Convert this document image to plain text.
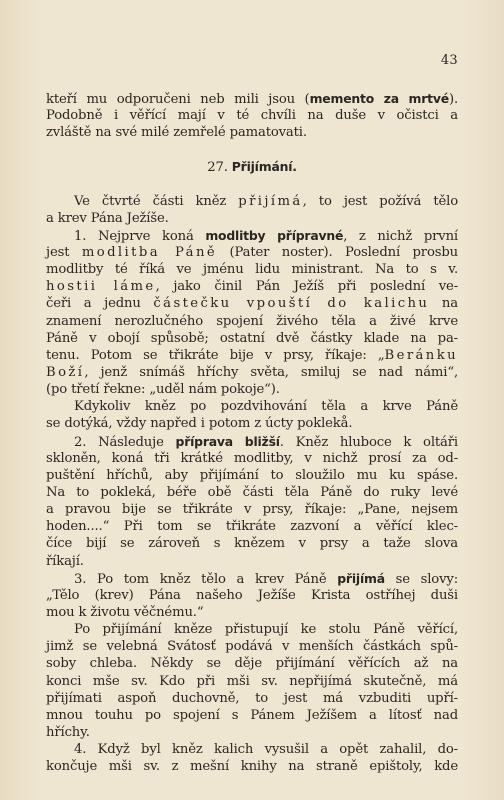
43
kteří mu odporučeni neb mili jsou (memento za mrtvé).
Podobně i věřící mají v té chvíli na duše v očistci a
zvláště na své milé zemřelé pamatovati.
27. Přijímání.
Ve čtvrté části kněz přijímá, to jest požívá tělo
a krev Pána Ježíše.
1. Nejprve koná modlitby přípravné, z nichž první
jest modlitba Páně (Pater noster). Poslední prosbu
modlitby té říká ve jménu lidu ministrant. Na to s v.
hostii láme, jako činil Pán Ježíš při poslední ve-
čeři a jednu částečku vpouští do kalichu na
znamení nerozlučného spojení živého těla a živé krve
Páně v obojí spůsobě; ostatní dvě částky klade na pa-
tenu. Potom se třikráte bije v prsy, říkaje: „Beránku
Boží, jenž snímáš hříchy světa, smiluj se nad námi“,
(po třetí řekne: „uděl nám pokoje“).
Kdykoliv kněz po pozdvihování těla a krve Páně
se dotýká, vždy napřed i potom z úcty poklekå.
2. Následuje příprava bližší. Kněz hluboce k oltáři
skloněn, koná tři krátké modlitby, v nichž prosí za od-
puštění hříchů, aby přijímání to sloužilo mu ku spáse.
Na to pokleká, béře obě části těla Páně do ruky levé
a pravou bije se třikráte v prsy, říkaje: „Pane, nejsem
hoden....“ Při tom se třikráte zazvoní a věřící klec-
číce bijí se zároveň s knězem v prsy a taže slova
říkají.
3. Po tom kněz tělo a krev Páně přijímá se slovy:
„Tělo (krev) Pána našeho Ježíše Krista ostříhej duši
mou k životu věčnému.“
Po přijímání kněze přistupují ke stolu Páně věřící,
jimž se velebná Svátosť podává v menších částkách spů-
soby chleba. Někdy se děje přijímání věřících až na
konci mše sv. Kdo při mši sv. nepřijímá skutečně, má
přijímati aspoň duchovně, to jest má vzbuditi upří-
mnou touhu po spojení s Pánem Ježíšem a lítosť nad
hříchy.
4. Když byl kněz kalich vysušil a opět zahalil, do-
končuje mši sv. z mešní knihy na straně epištoly, kde
